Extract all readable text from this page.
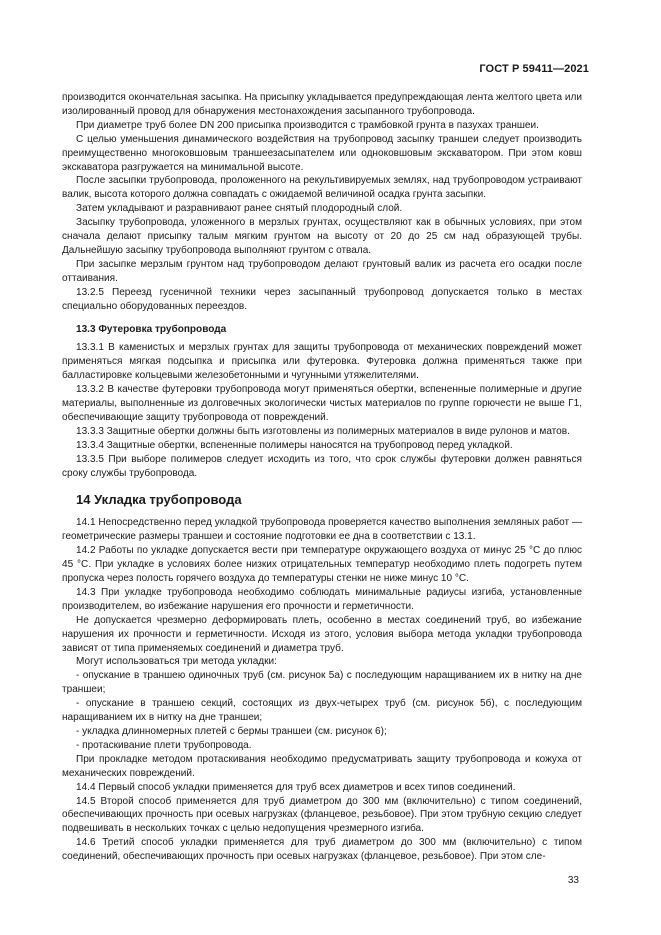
ГОСТ Р 59411—2021

производится окончательная засыпка. На присыпку укладывается предупреждающая лента желтого цвета или изолированный провод для обнаружения местонахождения засыпанного трубопровода.

При диаметре труб более DN 200 присыпка производится с трамбовкой грунта в пазухах траншеи.

С целью уменьшения динамического воздействия на трубопровод засыпку траншеи следует производить преимущественно многоковшовым траншеезасыпателем или одноковшовым экскаватором. При этом ковш экскаватора разгружается на минимальной высоте.

После засыпки трубопровода, проложенного на рекультивируемых землях, над трубопроводом устраивают валик, высота которого должна совпадать с ожидаемой величиной осадка грунта засыпки.

Затем укладывают и разравнивают ранее снятый плодородный слой.

Засыпку трубопровода, уложенного в мерзлых грунтах, осуществляют как в обычных условиях, при этом сначала делают присыпку талым мягким грунтом на высоту от 20 до 25 см над образующей трубы. Дальнейшую засыпку трубопровода выполняют грунтом с отвала.

При засыпке мерзлым грунтом над трубопроводом делают грунтовый валик из расчета его осадки после оттаивания.

13.2.5 Переезд гусеничной техники через засыпанный трубопровод допускается только в местах специально оборудованных переездов.

13.3 Футеровка трубопровода

13.3.1 В каменистых и мерзлых грунтах для защиты трубопровода от механических повреждений может применяться мягкая подсыпка и присыпка или футеровка. Футеровка должна применяться также при балластировке кольцевыми железобетонными и чугунными утяжелителями.

13.3.2 В качестве футеровки трубопровода могут применяться обертки, вспененные полимерные и другие материалы, выполненные из долговечных экологически чистых материалов по группе горючести не выше Г1, обеспечивающие защиту трубопровода от повреждений.

13.3.3 Защитные обертки должны быть изготовлены из полимерных материалов в виде рулонов и матов.

13.3.4 Защитные обертки, вспененные полимеры наносятся на трубопровод перед укладкой.

13.3.5 При выборе полимеров следует исходить из того, что срок службы футеровки должен равняться сроку службы трубопровода.

14 Укладка трубопровода

14.1 Непосредственно перед укладкой трубопровода проверяется качество выполнения земляных работ — геометрические размеры траншеи и состояние подготовки ее дна в соответствии с 13.1.

14.2 Работы по укладке допускается вести при температуре окружающего воздуха от минус 25 °С до плюс 45 °С. При укладке в условиях более низких отрицательных температур необходимо плеть подогреть путем пропуска через полость горячего воздуха до температуры стенки не ниже минус 10 °С.

14.3 При укладке трубопровода необходимо соблюдать минимальные радиусы изгиба, установленные производителем, во избежание нарушения его прочности и герметичности.

Не допускается чрезмерно деформировать плеть, особенно в местах соединений труб, во избежание нарушения их прочности и герметичности. Исходя из этого, условия выбора метода укладки трубопровода зависят от типа применяемых соединений и диаметра труб.

Могут использоваться три метода укладки:

- опускание в траншею одиночных труб (см. рисунок 5а) с последующим наращиванием их в нитку на дне траншеи;

- опускание в траншею секций, состоящих из двух-четырех труб (см. рисунок 5б), с последующим наращиванием их в нитку на дне траншеи;

- укладка длинномерных плетей с бермы траншеи (см. рисунок 6);

- протаскивание плети трубопровода.

При прокладке методом протаскивания необходимо предусматривать защиту трубопровода и кожуха от механических повреждений.

14.4 Первый способ укладки применяется для труб всех диаметров и всех типов соединений.

14.5 Второй способ применяется для труб диаметром до 300 мм (включительно) с типом соединений, обеспечивающих прочность при осевых нагрузках (фланцевое, резьбовое). При этом трубную секцию следует подвешивать в нескольких точках с целью недопущения чрезмерного изгиба.

14.6 Третий способ укладки применяется для труб диаметром до 300 мм (включительно) с типом соединений, обеспечивающих прочность при осевых нагрузках (фланцевое, резьбовое). При этом сле-

33
